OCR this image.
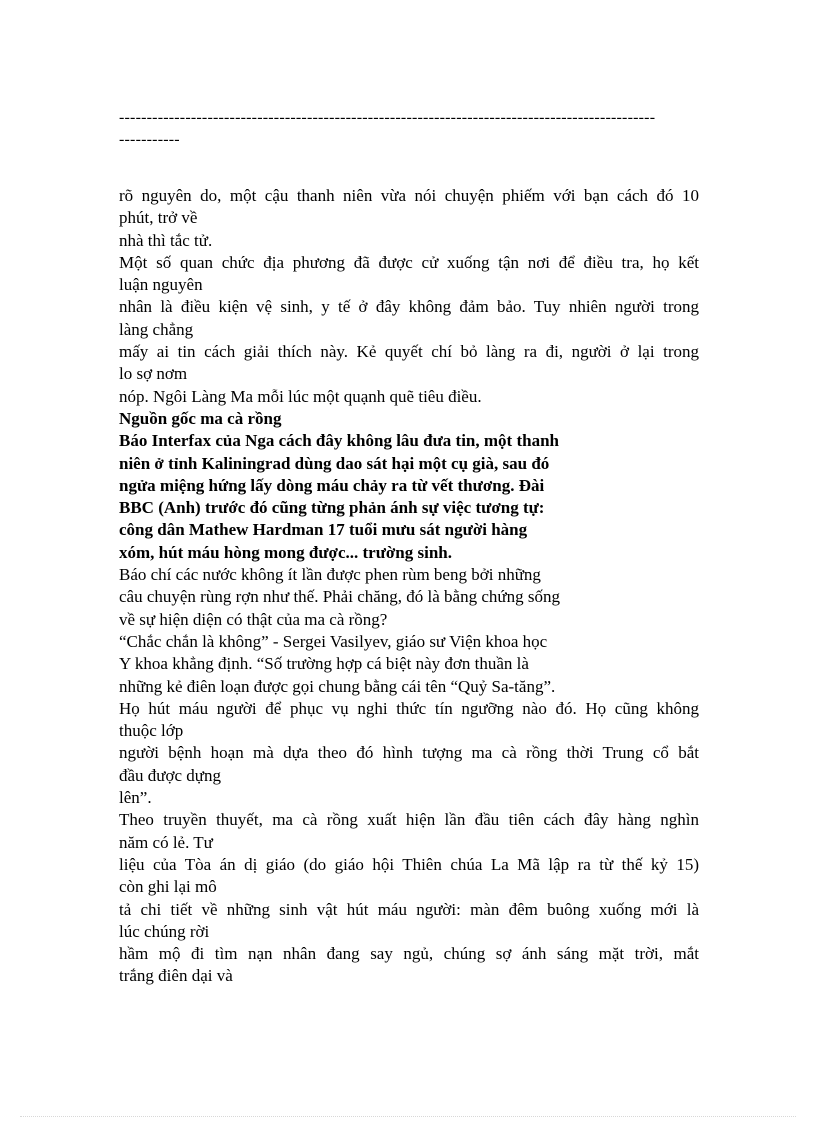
-------------------------------------------------------------------------------------------------
-----------
rõ nguyên do, một cậu thanh niên vừa nói chuyện phiếm với bạn cách đó 10
phút, trở về
nhà thì tắc tử.
Một số quan chức địa phương đã được cử xuống tận nơi để điều tra, họ kết
luận nguyên
nhân là điều kiện vệ sinh, y tế ở đây không đảm bảo. Tuy nhiên người trong
làng chẳng
mấy ai tin cách giải thích này. Kẻ quyết chí bỏ làng ra đi, người ở lại trong
lo sợ nơm
nóp. Ngôi Làng Ma mỗi lúc một quạnh quẽ tiêu điều.
Nguồn gốc ma cà rồng
Báo Interfax của Nga cách đây không lâu đưa tin, một thanh
niên ở tỉnh Kaliningrad dùng dao sát hại một cụ già, sau đó
ngửa miệng hứng lấy dòng máu chảy ra từ vết thương. Đài
BBC (Anh) trước đó cũng từng phản ánh sự việc tương tự:
công dân Mathew Hardman 17 tuổi mưu sát người hàng
xóm, hút máu hòng mong được... trường sinh.
Báo chí các nước không ít lần được phen rùm beng bởi những
câu chuyện rùng rợn như thế. Phải chăng, đó là bằng chứng sống
về sự hiện diện có thật của ma cà rồng?
“Chắc chắn là không” - Sergei Vasilyev, giáo sư Viện khoa học
Y khoa khẳng định. “Số trường hợp cá biệt này đơn thuần là
những kẻ điên loạn được gọi chung bằng cái tên “Quỷ Sa-tăng”.
Họ hút máu người để phục vụ nghi thức tín ngưỡng nào đó. Họ cũng không
thuộc lớp
người bệnh hoạn mà dựa theo đó hình tượng ma cà rồng thời Trung cổ bắt
đầu được dựng
lên”.
Theo truyền thuyết, ma cà rồng xuất hiện lần đầu tiên cách đây hàng nghìn
năm có lẻ. Tư
liệu của Tòa án dị giáo (do giáo hội Thiên chúa La Mã lập ra từ thế kỷ 15)
còn ghi lại mô
tả chi tiết về những sinh vật hút máu người: màn đêm buông xuống mới là
lúc chúng rời
hầm mộ đi tìm nạn nhân đang say ngủ, chúng sợ ánh sáng mặt trời, mắt
trắng điên dại và
